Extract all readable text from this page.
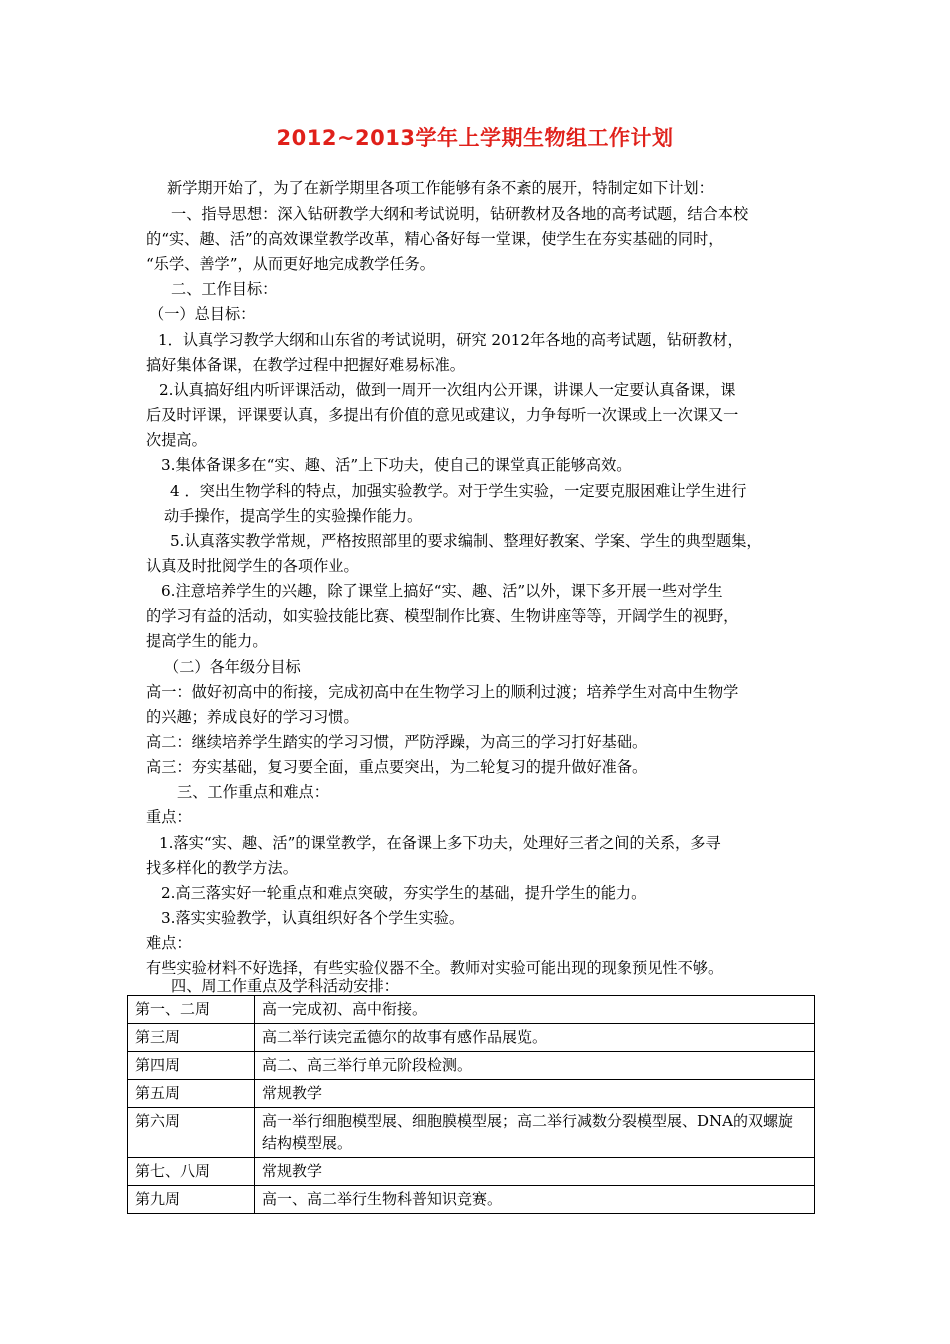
2012~2013学年上学期生物组工作计划
新学期开始了，为了在新学期里各项工作能够有条不紊的展开，特制定如下计划：
一、指导思想：深入钻研教学大纲和考试说明，钻研教材及各地的高考试题，结合本校
的“实、趣、活”的高效课堂教学改革，精心备好每一堂课，使学生在夯实基础的同时，
“乐学、善学”，从而更好地完成教学任务。
二、工作目标：
（一）总目标：
1．认真学习教学大纲和山东省的考试说明，研究 2012年各地的高考试题，钻研教材，
搞好集体备课，在教学过程中把握好难易标准。
2.认真搞好组内听评课活动，做到一周开一次组内公开课，讲课人一定要认真备课，课
后及时评课，评课要认真，多提出有价值的意见或建议，力争每听一次课或上一次课又一
次提高。
3.集体备课多在“实、趣、活”上下功夫，使自己的课堂真正能够高效。
4 ．突出生物学科的特点，加强实验教学。对于学生实验，一定要克服困难让学生进行
动手操作，提高学生的实验操作能力。
5.认真落实教学常规，严格按照部里的要求编制、整理好教案、学案、学生的典型题集，
认真及时批阅学生的各项作业。
6.注意培养学生的兴趣，除了课堂上搞好“实、趣、活”以外，课下多开展一些对学生
的学习有益的活动，如实验技能比赛、模型制作比赛、生物讲座等等，开阔学生的视野，
提高学生的能力。
（二）各年级分目标
高一：做好初高中的衔接，完成初高中在生物学习上的顺利过渡；培养学生对高中生物学
的兴趣；养成良好的学习习惯。
高二：继续培养学生踏实的学习习惯，严防浮躁，为高三的学习打好基础。
高三：夯实基础，复习要全面，重点要突出，为二轮复习的提升做好准备。
三、工作重点和难点：
重点：
1.落实“实、趣、活”的课堂教学，在备课上多下功夫，处理好三者之间的关系，多寻
找多样化的教学方法。
2.高三落实好一轮重点和难点突破，夯实学生的基础，提升学生的能力。
3.落实实验教学，认真组织好各个学生实验。
难点：
有些实验材料不好选择，有些实验仪器不全。教师对实验可能出现的现象预见性不够。
四、周工作重点及学科活动安排：
第一、二周	高一完成初、高中衔接。
第三周	高二举行读完孟德尔的故事有感作品展览。
第四周	高二、高三举行单元阶段检测。
第五周	常规教学
第六周	高一举行细胞模型展、细胞膜模型展；高二举行减数分裂模型展、DNA的双螺旋结构模型展。
第七、八周	常规教学
第九周	高一、高二举行生物科普知识竞赛。
